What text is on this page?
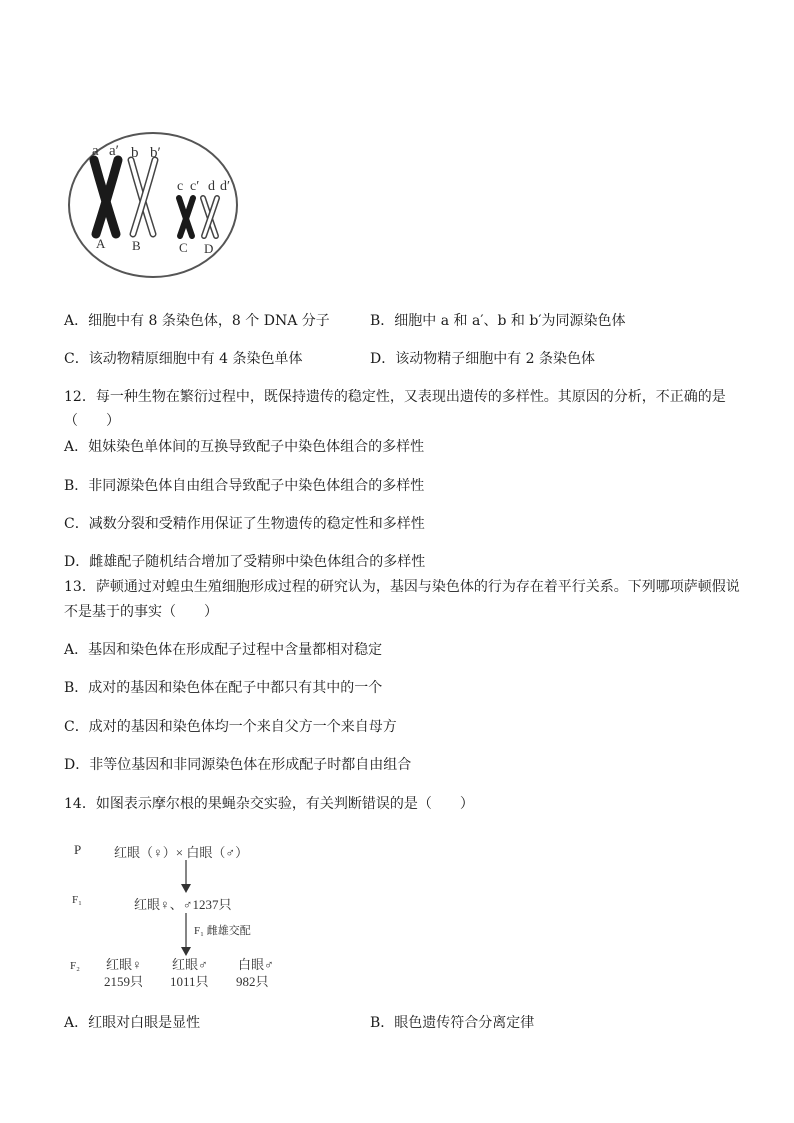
a a′ b b′
c c′ d d′
A B	C D
A．细胞中有 8 条染色体，8 个 DNA 分子	B．细胞中 a 和 a′、b 和 b′为同源染色体
C．该动物精原细胞中有 4 条染色单体	D．该动物精子细胞中有 2 条染色体
12．每一种生物在繁衍过程中，既保持遗传的稳定性，又表现出遗传的多样性。其原因的分析，不正确的是
（　　）
A．姐妹染色单体间的互换导致配子中染色体组合的多样性
B．非同源染色体自由组合导致配子中染色体组合的多样性
C．减数分裂和受精作用保证了生物遗传的稳定性和多样性
D．雌雄配子随机结合增加了受精卵中染色体组合的多样性
13．萨顿通过对蝗虫生殖细胞形成过程的研究认为，基因与染色体的行为存在着平行关系。下列哪项萨顿假说
不是基于的事实（　　）
A．基因和染色体在形成配子过程中含量都相对稳定
B．成对的基因和染色体在配子中都只有其中的一个
C．成对的基因和染色体均一个来自父方一个来自母方
D．非等位基因和非同源染色体在形成配子时都自由组合
14．如图表示摩尔根的果蝇杂交实验，有关判断错误的是（　　）
P	红眼（♀）× 白眼（♂）
F₁	红眼♀、♂1237只
F₁ 雌雄交配
F₂ 红眼♀
2159只
红眼♂
1011只
白眼♂
982只
A．红眼对白眼是显性	B．眼色遗传符合分离定律
